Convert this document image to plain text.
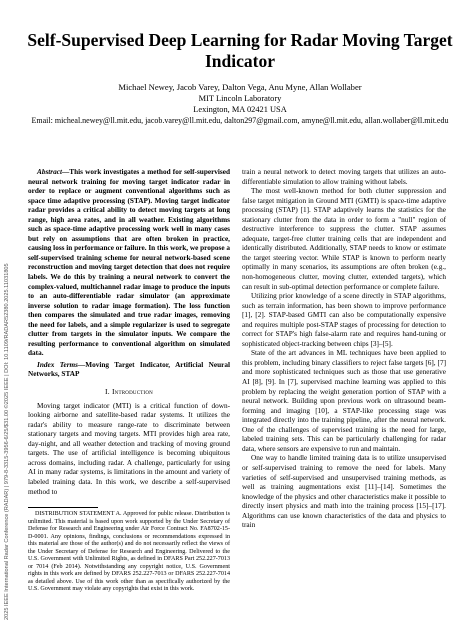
2025 IEEE International Radar Conference (RADAR) | 979-8-3315-3956-6/25/$31.00 ©2025 IEEE | DOI: 10.1109/RADAR52380.2025.11031805
Self-Supervised Deep Learning for Radar Moving Target Indicator
Michael Newey, Jacob Varey, Dalton Vega, Anu Myne, Allan Wollaber
MIT Lincoln Laboratory
Lexington, MA 02421 USA
Email: micheal.newey@ll.mit.edu, jacob.varey@ll.mit.edu, dalton297@gmail.com, amyne@ll.mit.edu, allan.wollaber@ll.mit.edu

Abstract—This work investigates a method for self-supervised neural network training for moving target indicator radar in order to replace or augment conventional algorithms such as space time adaptive processing (STAP). Moving target indicator radar provides a critical ability to detect moving targets at long range, high area rates, and in all weather. Existing algorithms such as space-time adaptive processing work well in many cases but rely on assumptions that are often broken in practice, causing loss in performance or failure. In this work, we propose a self-supervised training scheme for neural network-based scene reconstruction and moving target detection that does not require labels. We do this by training a neural network to convert the complex-valued, multichannel radar image to produce the inputs to an auto-differentiable radar simulator (an approximate inverse solution to radar image formation). The loss function then compares the simulated and true radar images, removing the need for labels, and a simple regularizer is used to segregate clutter from targets in the simulator inputs. We compare the resulting performance to conventional algorithm on simulated data.

Index Terms—Moving Target Indicator, Artificial Neural Networks, STAP

I. Introduction

Moving target indicator (MTI) is a critical function of down-looking airborne and satellite-based radar systems. It utilizes the radar's ability to measure range-rate to discriminate between stationary targets and moving targets. MTI provides high area rate, day-night, and all weather detection and tracking of moving ground targets. The use of artificial intelligence is becoming ubiquitous across domains, including radar. A challenge, particularly for using AI in many radar systems, is limitations in the amount and variety of labeled training data. In this work, we describe a self-supervised method to

DISTRIBUTION STATEMENT A. Approved for public release. Distribution is unlimited. This material is based upon work supported by the Under Secretary of Defense for Research and Engineering under Air Force Contract No. FA8702-15-D-0001. Any opinions, findings, conclusions or recommendations expressed in this material are those of the author(s) and do not necessarily reflect the views of the Under Secretary of Defense for Research and Engineering. Delivered to the U.S. Government with Unlimited Rights, as defined in DFARS Part 252.227-7013 or 7014 (Feb 2014). Notwithstanding any copyright notice, U.S. Government rights in this work are defined by DFARS 252.227-7013 or DFARS 252.227-7014 as detailed above. Use of this work other than as specifically authorized by the U.S. Government may violate any copyrights that exist in this work.

train a neural network to detect moving targets that utilizes an auto-differentiable simulation to allow training without labels.

The most well-known method for both clutter suppression and false target mitigation in Ground MTI (GMTI) is space-time adaptive processing (STAP) [1]. STAP adaptively learns the statistics for the stationary clutter from the data in order to form a "null" region of destructive interference to suppress the clutter. STAP assumes adequate, target-free clutter training cells that are independent and identically distributed. Additionally, STAP needs to know or estimate the target steering vector. While STAP is known to perform nearly optimally in many scenarios, its assumptions are often broken (e.g., non-homogeneous clutter, moving clutter, extended targets), which can result in sub-optimal detection performance or complete failure.

Utilizing prior knowledge of a scene directly in STAP algorithms, such as terrain information, has been shown to improve performance [1], [2]. STAP-based GMTI can also be computationally expensive and requires multiple post-STAP stages of processing for detection to correct for STAP's high false-alarm rate and requires hand-tuning or sophisticated object-tracking between chips [3]–[5].

State of the art advances in ML techniques have been applied to this problem, including binary classifiers to reject false targets [6], [7] and more sophisticated techniques such as those that use generative AI [8], [9]. In [7], supervised machine learning was applied to this problem by replacing the weight generation portion of STAP with a neural network. Building upon previous work on ultrasound beam-forming and imaging [10], a STAP-like processing stage was integrated directly into the training pipeline, after the neural network. One of the challenges of supervised training is the need for large, labeled training sets. This can be particularly challenging for radar data, where sensors are expensive to run and maintain.

One way to handle limited training data is to utilize unsupervised or self-supervised training to remove the need for labels. Many varieties of self-supervised and unsupervised training methods, as well as training augmentations exist [11]–[14]. Sometimes the knowledge of the physics and other characteristics make it possible to directly insert physics and math into the training process [15]–[17]. Algorithms can use known characteristics of the data and physics to train
